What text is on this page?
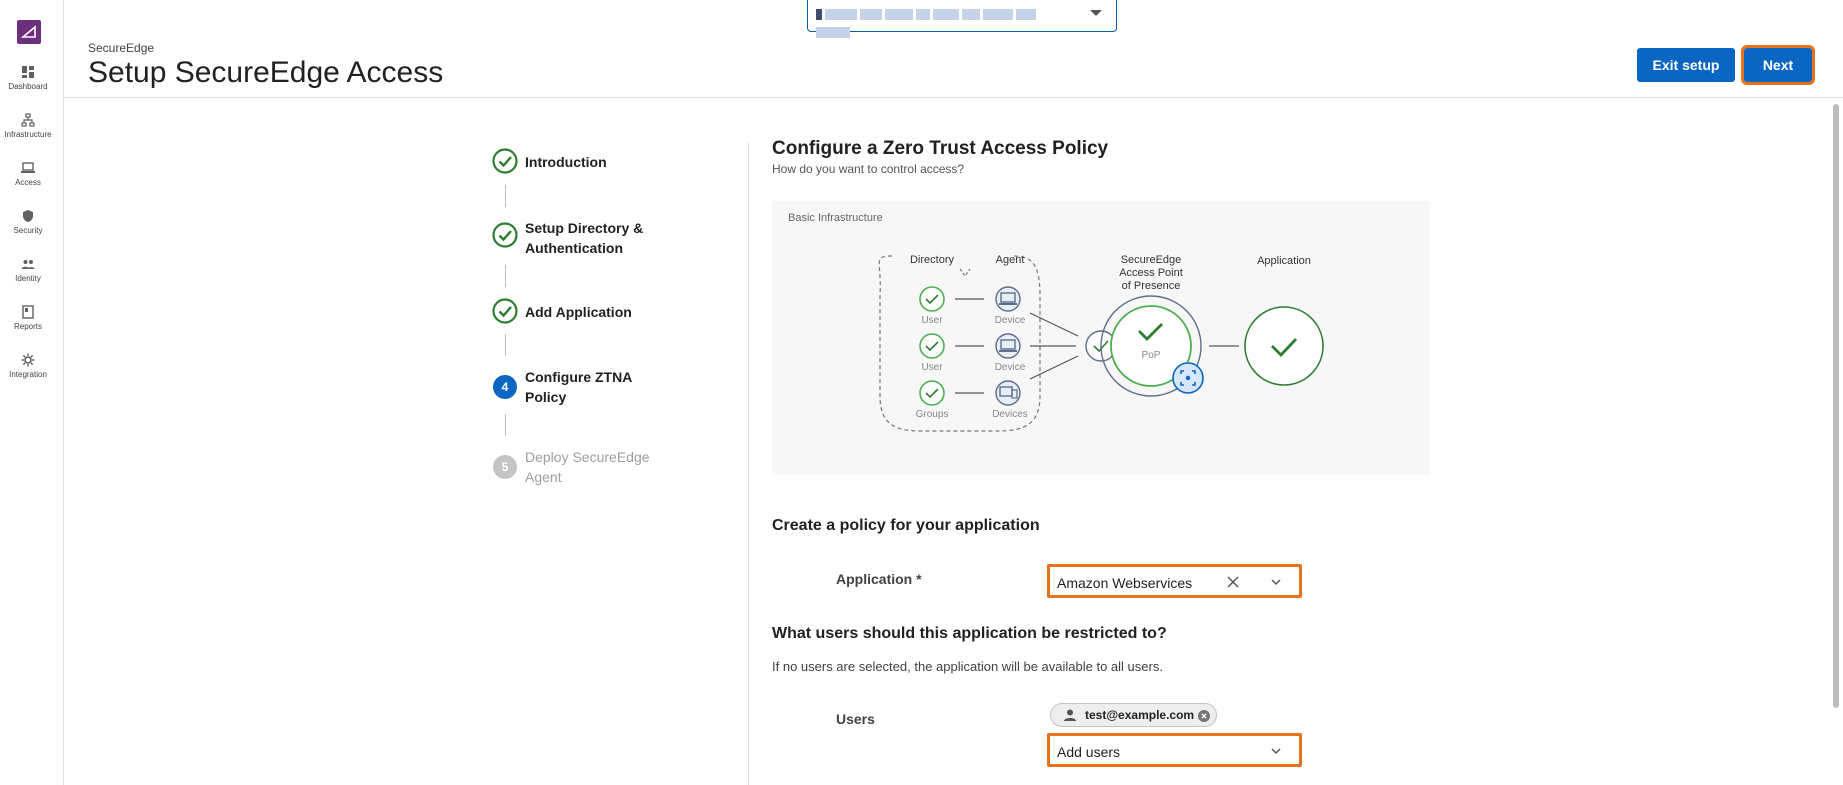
Dashboard
Infrastructure
Access
Security
Identity
Reports
Integration
SecureEdge
Setup SecureEdge Access	Exit setup	Next
Introduction
Setup Directory & Authentication
Add Application
4
Configure ZTNA Policy
5
Deploy SecureEdge Agent
Configure a Zero Trust Access Policy
How do you want to control access?
Basic Infrastructure
Directory	Agent	SecureEdge
Access Point
of Presence
Application
User
User
Groups
Device
Device
Devices
PoP
Create a policy for your application
Application *	Amazon Webservices
What users should this application be restricted to?

If no users are selected, the application will be available to all users.

Users	test@example.com
Add users
